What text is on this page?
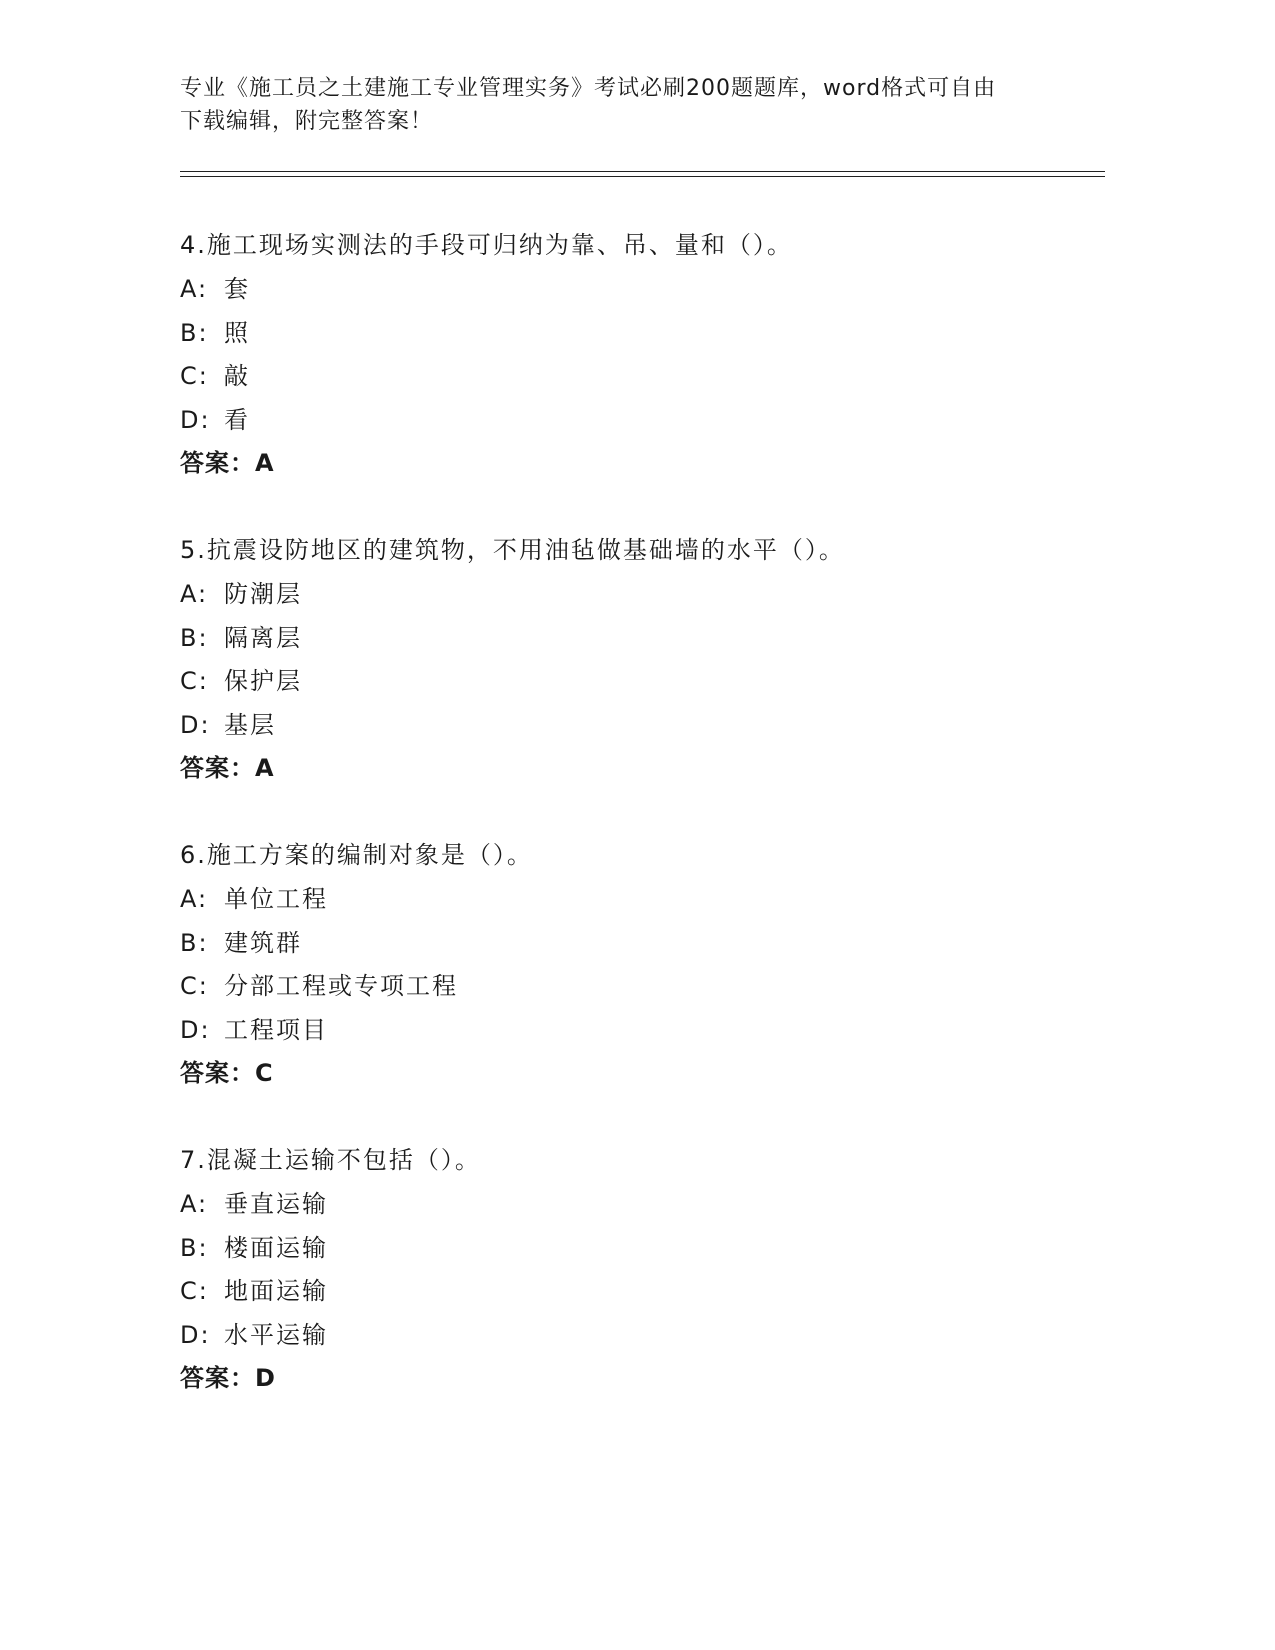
专业《施工员之土建施工专业管理实务》考试必刷200题题库，word格式可自由
下载编辑，附完整答案！
4.施工现场实测法的手段可归纳为靠、吊、量和（）。
A: 套
B: 照
C: 敲
D: 看
答案：A
5.抗震设防地区的建筑物，不用油毡做基础墙的水平（）。
A: 防潮层
B: 隔离层
C: 保护层
D: 基层
答案：A
6.施工方案的编制对象是（）。
A: 单位工程
B: 建筑群
C: 分部工程或专项工程
D: 工程项目
答案：C
7.混凝土运输不包括（）。
A: 垂直运输
B: 楼面运输
C: 地面运输
D: 水平运输
答案：D
